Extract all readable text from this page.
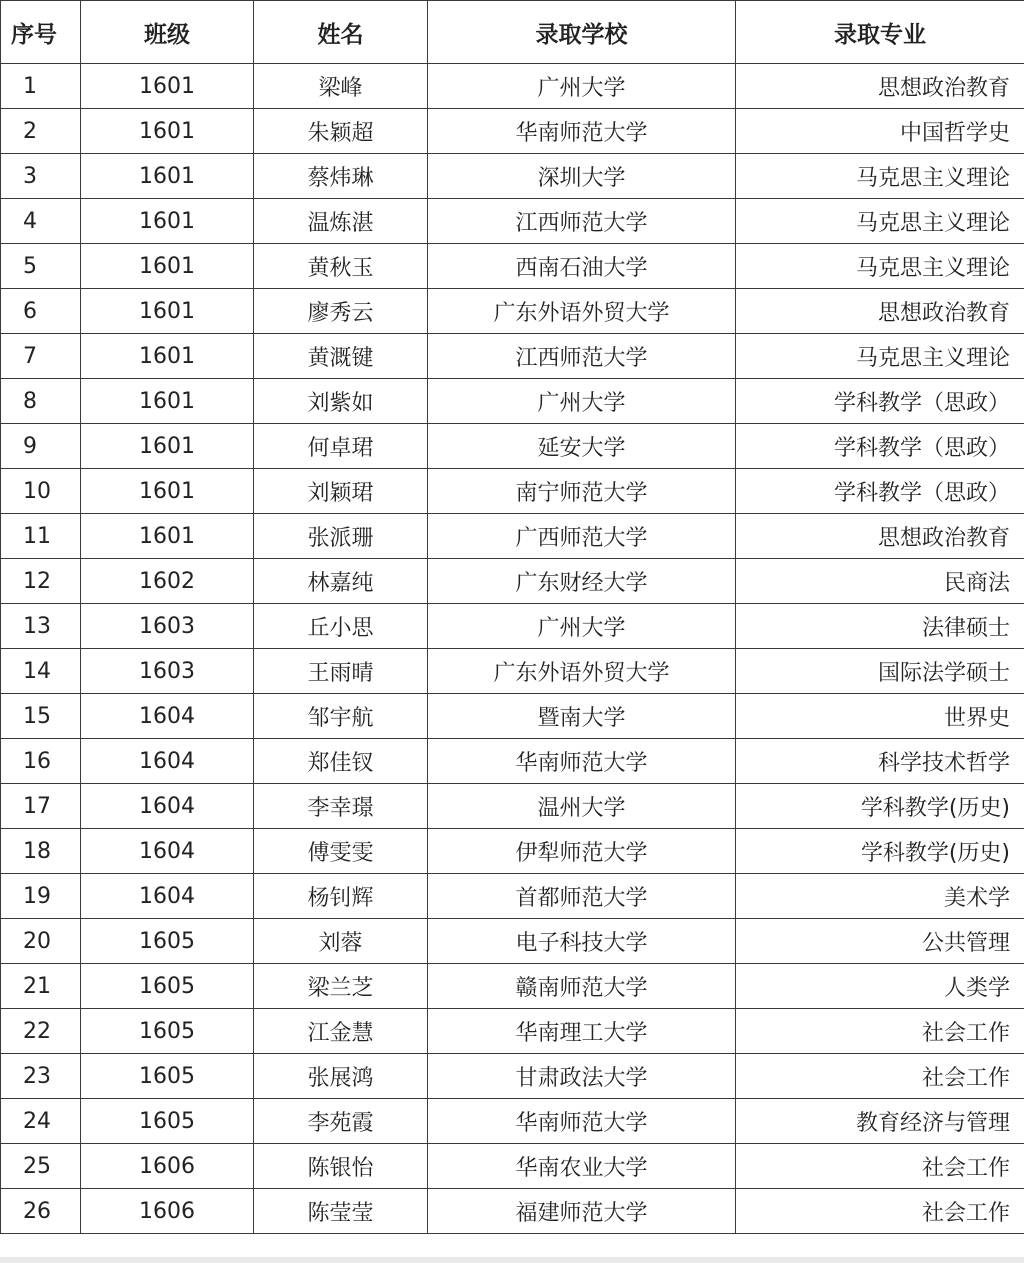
序号	班级	姓名	录取学校	录取专业
1	1601	梁峰	广州大学	思想政治教育
2	1601	朱颖超	华南师范大学	中国哲学史
3	1601	蔡炜琳	深圳大学	马克思主义理论
4	1601	温炼湛	江西师范大学	马克思主义理论
5	1601	黄秋玉	西南石油大学	马克思主义理论
6	1601	廖秀云	广东外语外贸大学	思想政治教育
7	1601	黄溉键	江西师范大学	马克思主义理论
8	1601	刘紫如	广州大学	学科教学（思政）
9	1601	何卓珺	延安大学	学科教学（思政）
10	1601	刘颖珺	南宁师范大学	学科教学（思政）
11	1601	张派珊	广西师范大学	思想政治教育
12	1602	林嘉纯	广东财经大学	民商法
13	1603	丘小思	广州大学	法律硕士
14	1603	王雨晴	广东外语外贸大学	国际法学硕士
15	1604	邹宇航	暨南大学	世界史
16	1604	郑佳钗	华南师范大学	科学技术哲学
17	1604	李幸璟	温州大学	学科教学(历史)
18	1604	傅雯雯	伊犁师范大学	学科教学(历史)
19	1604	杨钊辉	首都师范大学	美术学
20	1605	刘蓉	电子科技大学	公共管理
21	1605	梁兰芝	赣南师范大学	人类学
22	1605	江金慧	华南理工大学	社会工作
23	1605	张展鸿	甘肃政法大学	社会工作
24	1605	李苑霞	华南师范大学	教育经济与管理
25	1606	陈银怡	华南农业大学	社会工作
26	1606	陈莹莹	福建师范大学	社会工作
